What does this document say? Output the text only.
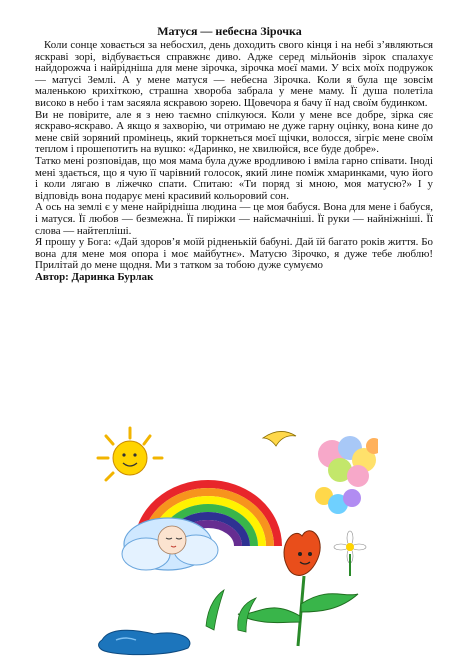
Матуся — небесна Зірочка

Коли сонце ховається за небосхил, день доходить свого кінця і на небі з’являються яскраві зорі, відбувається справжнє диво. Адже серед мільйонів зірок спалахує найдорожча і найрідніша для мене зірочка, зірочка моєї мами. У всіх моїх подружок — матусі Землі. А у мене матуся — небесна Зірочка. Коли я була ще зовсім маленькою крихіткою, страшна хвороба забрала у мене маму. Її душа полетіла високо в небо і там засяяла яскравою зорею. Щовечора я бачу її над своїм будинком.

Ви не повірите, але я з нею таємно спілкуюся. Коли у мене все добре, зірка сяє яскраво-яскраво. А якщо я захворію, чи отримаю не дуже гарну оцінку, вона кине до мене свій зоряний промінець, який торкнеться моєї щічки, волосся, зігріє мене своїм теплом і прошепотить на вушко: «Даринко, не хвилюйся, все буде добре».

Татко мені розповідав, що моя мама була дуже вродливою і вміла гарно співати. Іноді мені здається, що я чую її чарівний голосок, який лине поміж хмаринками, чую його і коли лягаю в ліжечко спати. Спитаю: «Ти поряд зі мною, моя матусю?» І у відповідь вона подарує мені красивий кольоровий сон.

А ось на землі є у мене найрідніша людина — це моя бабуся. Вона для мене і бабуся, і матуся. Її любов — безмежна. Її пиріжки — найсмачніші. Її руки — найніжніші. Її слова — найтепліші.

Я прошу у Бога: «Дай здоров’я моїй рідненькій бабуні. Дай їй багато років життя. Бо вона для мене моя опора і моє майбутнє». Матусю Зірочко, я дуже тебе люблю! Прилітай до мене щодня. Ми з татком за тобою дуже сумуємо

Автор: Даринка Бурлак
